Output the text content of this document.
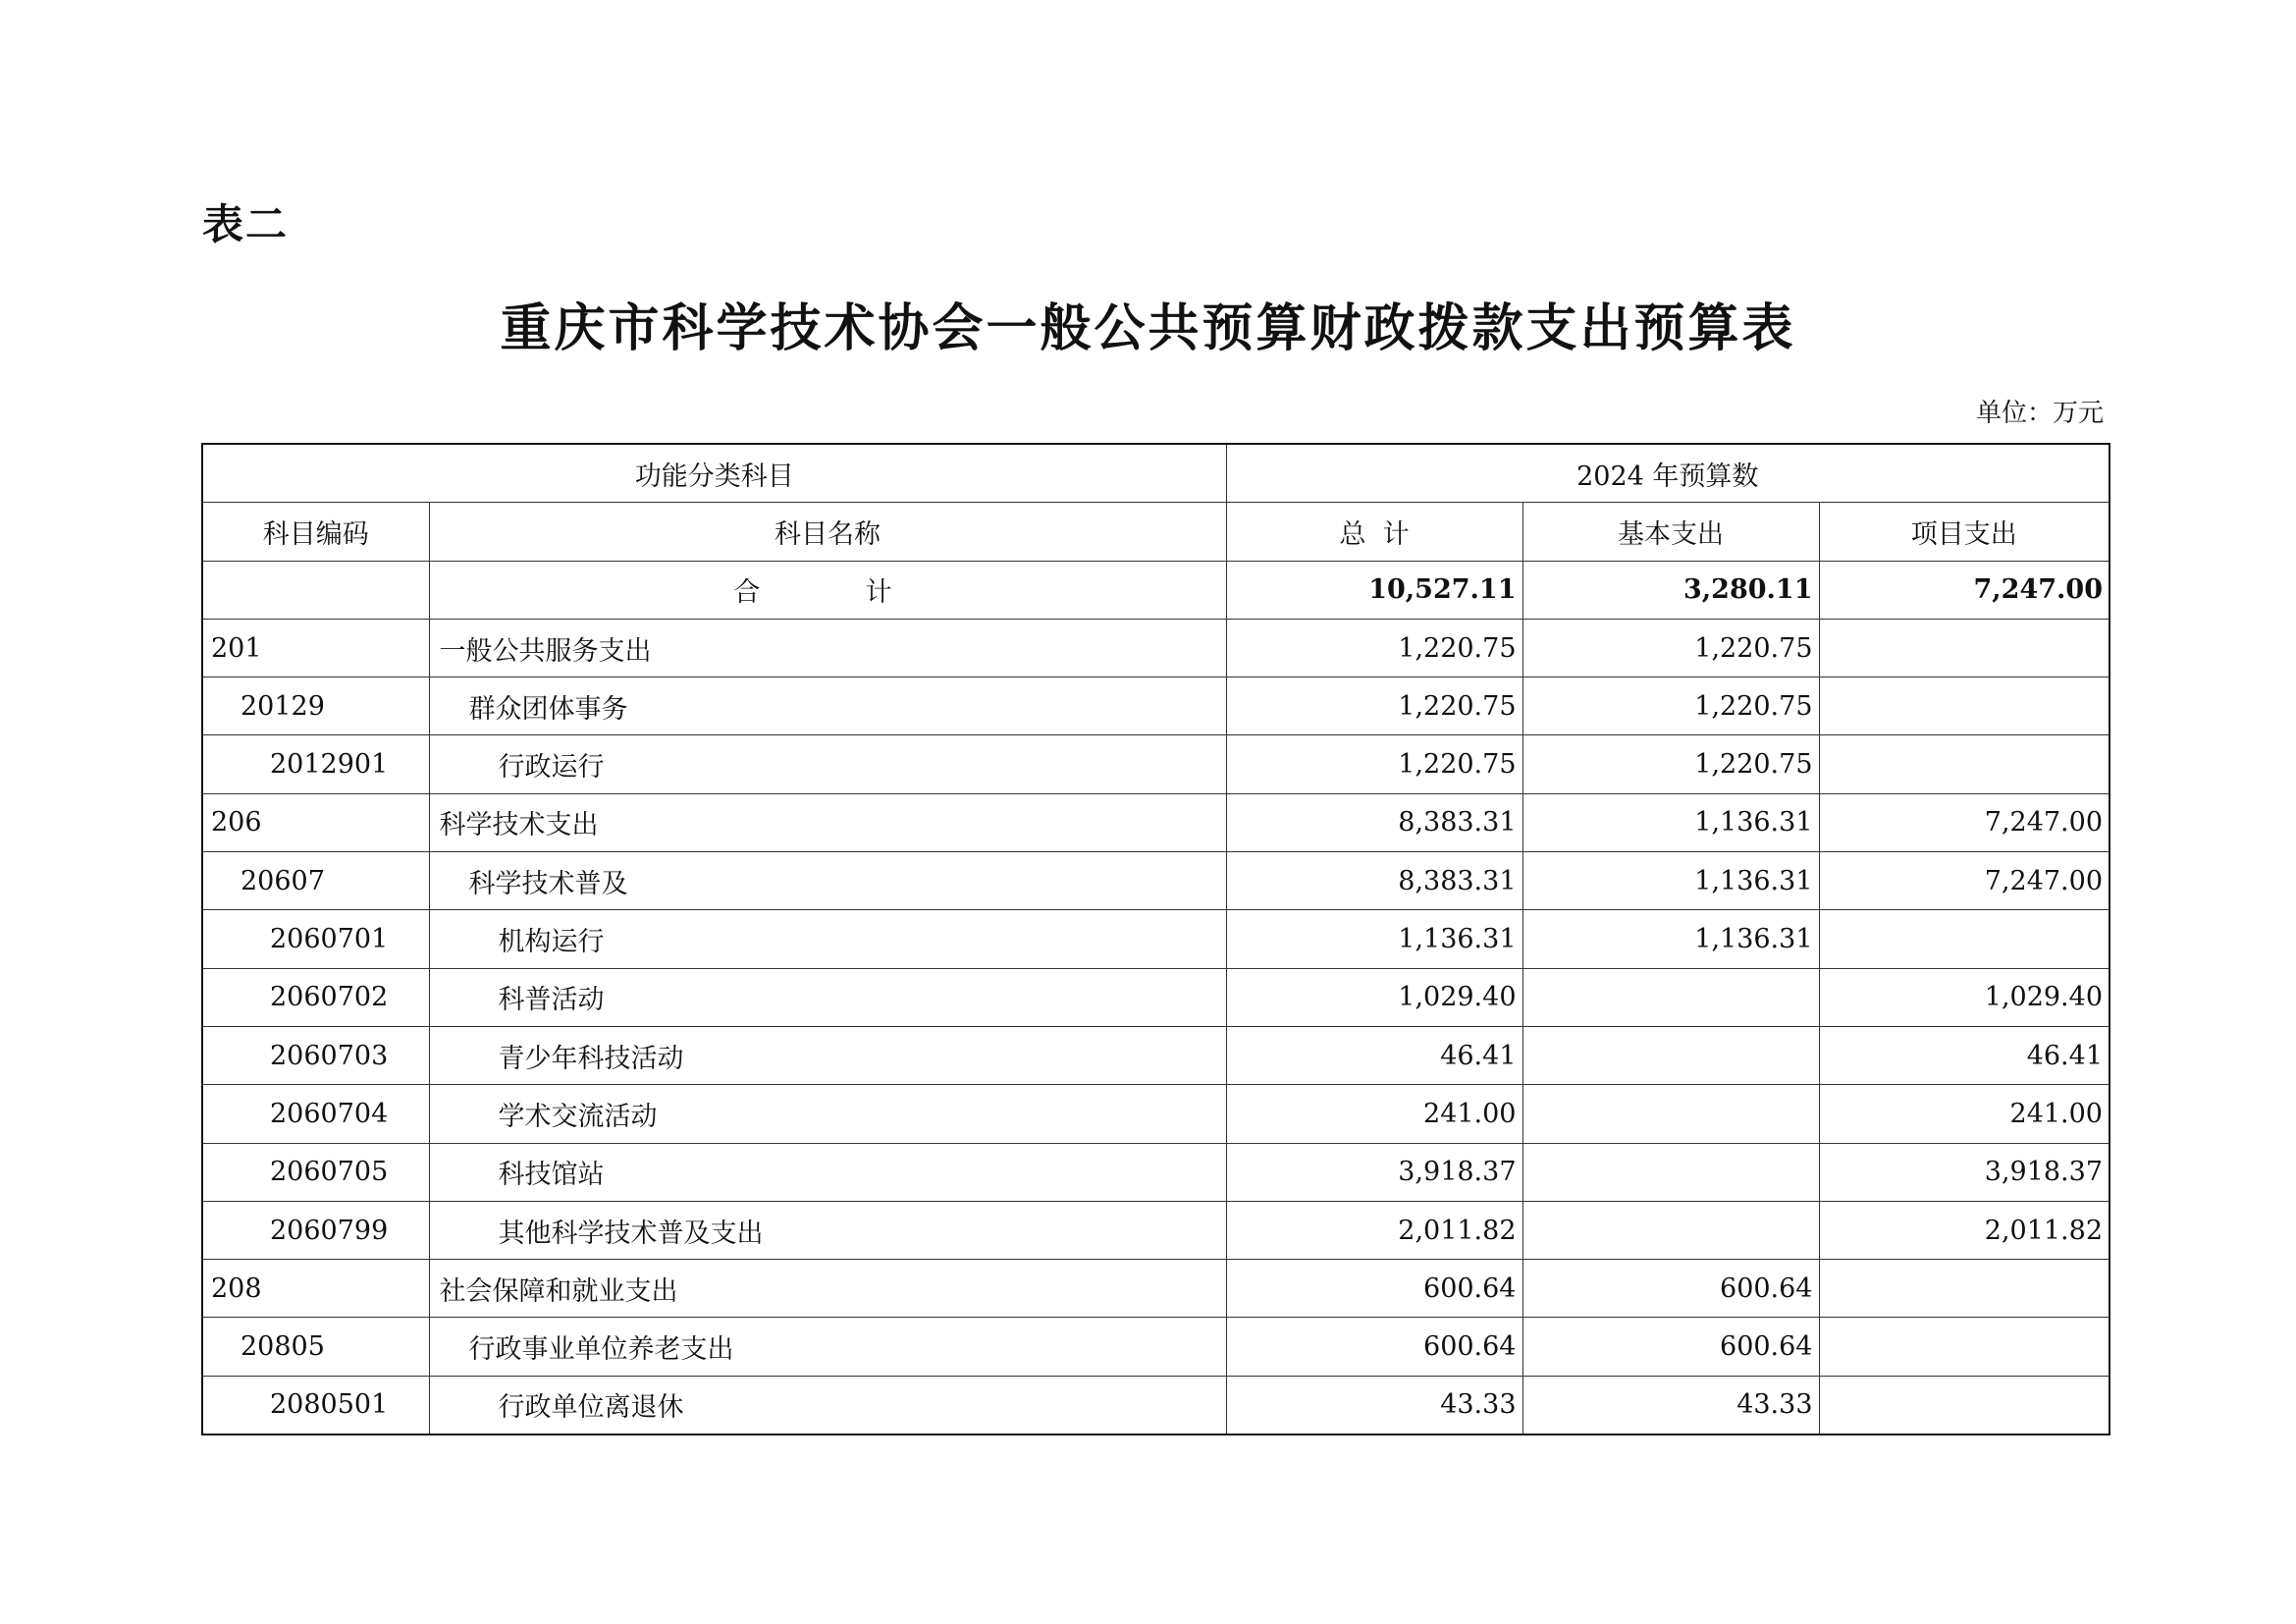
表二
重庆市科学技术协会一般公共预算财政拨款支出预算表
单位：万元
功能分类科目		2024 年预算数		
科目编码	科目名称	总  计	基本支出	项目支出
	合  计	10,527.11	3,280.11	7,247.00
201	一般公共服务支出	1,220.75	1,220.75	
20129	群众团体事务	1,220.75	1,220.75	
2012901	行政运行	1,220.75	1,220.75	
206	科学技术支出	8,383.31	1,136.31	7,247.00
20607	科学技术普及	8,383.31	1,136.31	7,247.00
2060701	机构运行	1,136.31	1,136.31	
2060702	科普活动	1,029.40		1,029.40
2060703	青少年科技活动	46.41		46.41
2060704	学术交流活动	241.00		241.00
2060705	科技馆站	3,918.37		3,918.37
2060799	其他科学技术普及支出	2,011.82		2,011.82
208	社会保障和就业支出	600.64	600.64	
20805	行政事业单位养老支出	600.64	600.64	
2080501	行政单位离退休	43.33	43.33	
